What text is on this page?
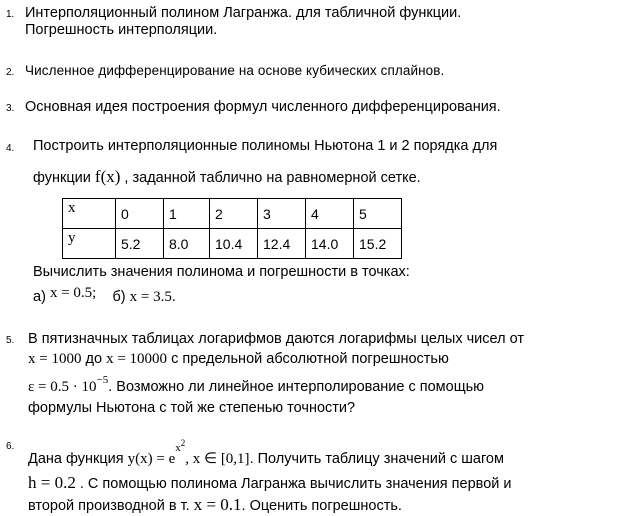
1. Интерполяционный полином Лагранжа. для табличной функции.
Погрешность интерполяции.
2. Численное дифференцирование на основе кубических сплайнов.
3. Основная идея построения формул численного дифференцирования.
4. Построить интерполяционные полиномы Ньютона 1 и 2 порядка для
функции f(x) , заданной таблично на равномерной сетке.
x	0	1	2	3	4	5
y	5.2	8.0	10.4	12.4	14.0	15.2
Вычислить значения полинома и погрешности в точках:
а) x = 0.5; б) x = 3.5.
5. В пятизначных таблицах логарифмов даются логарифмы целых чисел от
x = 1000 до x = 10000 с предельной абсолютной погрешностью
$\varepsilon = 0.5 \cdot 10^{-5}$. Возможно ли линейное интерполирование с помощью
формулы Ньютона с той же степенью точности?
6.
Дана функция $y(x) = e^{x2}$, x ∈ [0,1]. Получить таблицу значений с шагом
h = 0.2 . С помощью полинома Лагранжа вычислить значения первой и
второй производной в т. x = 0.1. Оценить погрешность.
